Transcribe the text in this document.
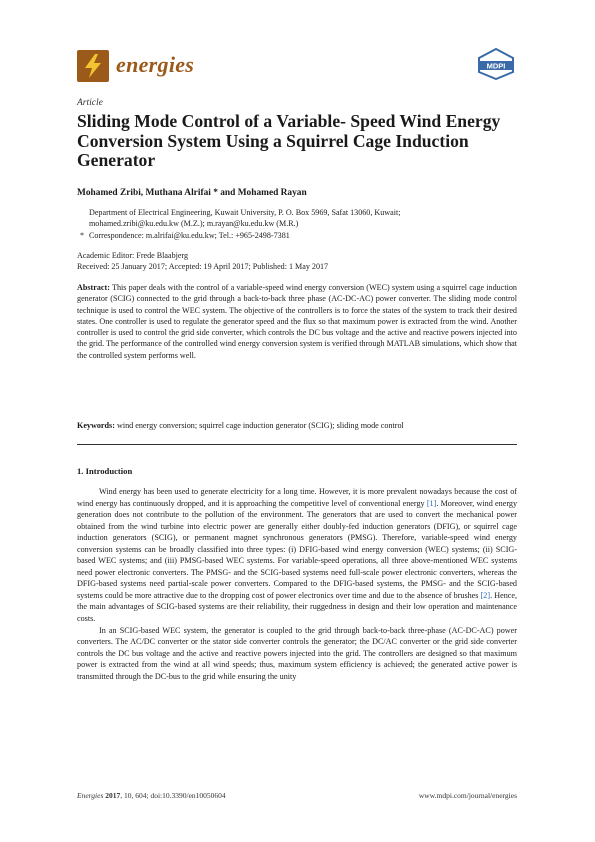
energies	MDPI
Article
Sliding Mode Control of a Variable- Speed Wind Energy Conversion System Using a Squirrel Cage Induction Generator
Mohamed Zribi, Muthana Alrifai * and Mohamed Rayan
Department of Electrical Engineering, Kuwait University, P. O. Box 5969, Safat 13060, Kuwait;
mohamed.zribi@ku.edu.kw (M.Z.); m.rayan@ku.edu.kw (M.R.)
* Correspondence: m.alrifai@ku.edu.kw; Tel.: +965-2498-7381
Academic Editor: Frede Blaabjerg
Received: 25 January 2017; Accepted: 19 April 2017; Published: 1 May 2017
Abstract: This paper deals with the control of a variable-speed wind energy conversion (WEC) system using a squirrel cage induction generator (SCIG) connected to the grid through a back-to-back three phase (AC-DC-AC) power converter. The sliding mode control technique is used to control the WEC system. The objective of the controllers is to force the states of the system to track their desired states. One controller is used to regulate the generator speed and the flux so that maximum power is extracted from the wind. Another controller is used to control the grid side converter, which controls the DC bus voltage and the active and reactive powers injected into the grid. The performance of the controlled wind energy conversion system is verified through MATLAB simulations, which show that the controlled system performs well.
Keywords: wind energy conversion; squirrel cage induction generator (SCIG); sliding mode control
1. Introduction

Wind energy has been used to generate electricity for a long time. However, it is more prevalent nowadays because the cost of wind energy has continuously dropped, and it is approaching the competitive level of conventional energy [1]. Moreover, wind energy generation does not contribute to the pollution of the environment. The generators that are used to convert the mechanical power obtained from the wind turbine into electric power are generally either doubly-fed induction generators (DFIG), or squirrel cage induction generators (SCIG), or permanent magnet synchronous generators (PMSG). Therefore, variable-speed wind energy conversion systems can be broadly classified into three types: (i) DFIG-based wind energy conversion (WEC) systems; (ii) SCIG-based WEC systems; and (iii) PMSG-based WEC systems. For variable-speed operations, all three above-mentioned WEC systems need power electronic converters. The PMSG- and the SCIG-based systems need full-scale power electronic converters, whereas the DFIG-based systems need partial-scale power converters. Compared to the DFIG-based systems, the PMSG- and the SCIG-based systems could be more attractive due to the dropping cost of power electronics over time and due to the absence of brushes [2]. Hence, the main advantages of SCIG-based systems are their reliability, their ruggedness in design and their low operation and maintenance costs.

In an SCIG-based WEC system, the generator is coupled to the grid through back-to-back three-phase (AC-DC-AC) power converters. The AC/DC converter or the stator side converter controls the generator; the DC/AC converter or the grid side converter controls the DC bus voltage and the active and reactive powers injected into the grid. The controllers are designed so that maximum power is extracted from the wind at all wind speeds; thus, maximum system efficiency is achieved; the generated active power is transmitted through the DC-bus to the grid while ensuring the unity

Energies 2017, 10, 604; doi:10.3390/en10050604	www.mdpi.com/journal/energies
